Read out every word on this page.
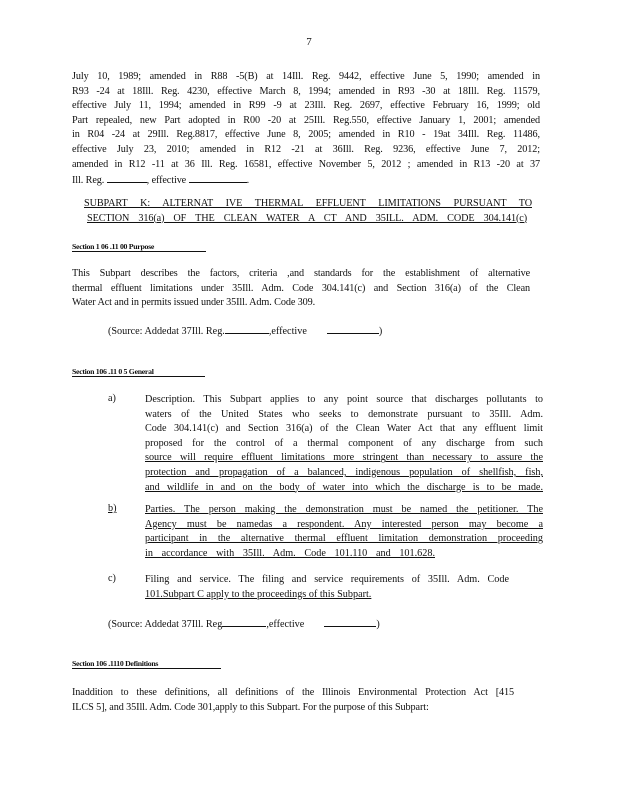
7
July 10, 1989; amended in R88 -5(B) at 14Ill. Reg. 9442, effective June 5, 1990; amended in
R93 -24 at 18Ill. Reg. 4230, effective March 8, 1994; amended in R93 -30 at 18Ill. Reg. 11579,
effective July 11, 1994; amended in R99 -9 at 23Ill. Reg. 2697, effective February 16, 1999; old
Part repealed, new Part adopted in R00 -20 at 25Ill. Reg.550, effective January 1, 2001; amended
in R04 -24 at 29Ill. Reg.8817, effective June 8, 2005; amended in R10 - 19at 34Ill. Reg. 11486,
effective July 23, 2010; amended in R12 -21 at 36Ill. Reg. 9236, effective June 7, 2012;
amended in R12 -11 at 36 Ill. Reg. 16581, effective November 5, 2012 ; amended in R13 -20 at 37
Ill. Reg.	, effective	.
SUBPART K: ALTERNAT IVE THERMAL EFFLUENT LIMITATIONS PURSUANT TO
SECTION 316(a) OF THE CLEAN WATER A CT AND 35ILL. ADM. CODE 304.141(c)
Section 1 06 .11 00 Purpose
This Subpart describes the factors, criteria ,and standards for the establishment of alternative
thermal effluent limitations under 35Ill. Adm. Code 304.141(c) and Section 316(a) of the Clean
Water Act and in permits issued under 35Ill. Adm. Code 309.
(Source: Addedat 37Ill. Reg.	,effective	)
Section 106 .11 0 5 General
a)	Description. This Subpart applies to any point source that discharges pollutants to
waters of the United States who seeks to demonstrate pursuant to 35Ill. Adm.
Code 304.141(c) and Section 316(a) of the Clean Water Act that any effluent limit
proposed for the control of a thermal component of any discharge from such
source will require effluent limitations more stringent than necessary to assure the
protection and propagation of a balanced, indigenous population of shellfish, fish,
and wildlife in and on the body of water into which the discharge is to be made.
b)	Parties. The person making the demonstration must be named the petitioner. The
Agency must be namedas a respondent. Any interested person may become a
participant in the alternative thermal effluent limitation demonstration proceeding
in accordance with 35Ill. Adm. Code 101.110 and 101.628.
c)	Filing and service. The filing and service requirements of 35Ill. Adm. Code
101.Subpart C apply to the proceedings of this Subpart.
(Source: Addedat 37Ill. Reg	,effective	)
Section 106 .1110 Definitions
Inaddition to these definitions, all definitions of the Illinois Environmental Protection Act [415
ILCS 5], and 35Ill. Adm. Code 301,apply to this Subpart. For the purpose of this Subpart:
